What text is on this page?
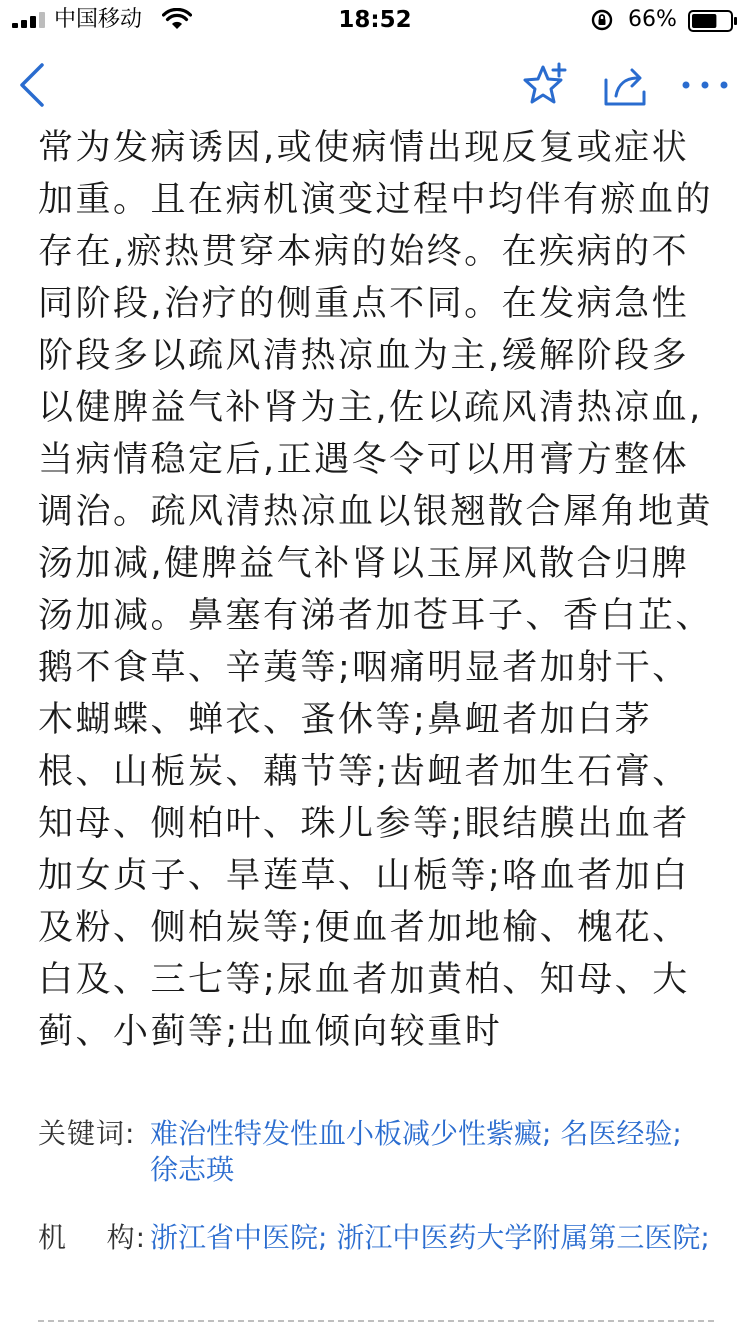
中国移动	18:52	66%
常为发病诱因,或使病情出现反复或症状加重。且在病机演变过程中均伴有瘀血的存在,瘀热贯穿本病的始终。在疾病的不同阶段,治疗的侧重点不同。在发病急性阶段多以疏风清热凉血为主,缓解阶段多以健脾益气补肾为主,佐以疏风清热凉血,当病情稳定后,正遇冬令可以用膏方整体调治。疏风清热凉血以银翘散合犀角地黄汤加减,健脾益气补肾以玉屏风散合归脾汤加减。鼻塞有涕者加苍耳子、香白芷、鹅不食草、辛荑等;咽痛明显者加射干、木蝴蝶、蝉衣、蚤休等;鼻衄者加白茅根、山栀炭、藕节等;齿衄者加生石膏、知母、侧柏叶、珠儿参等;眼结膜出血者加女贞子、旱莲草、山栀等;咯血者加白及粉、侧柏炭等;便血者加地榆、槐花、白及、三七等;尿血者加黄柏、知母、大蓟、小蓟等;出血倾向较重时
关键词: 难治性特发性血小板减少性紫癜; 名医经验; 徐志瑛
机    构: 浙江省中医院; 浙江中医药大学附属第三医院;
